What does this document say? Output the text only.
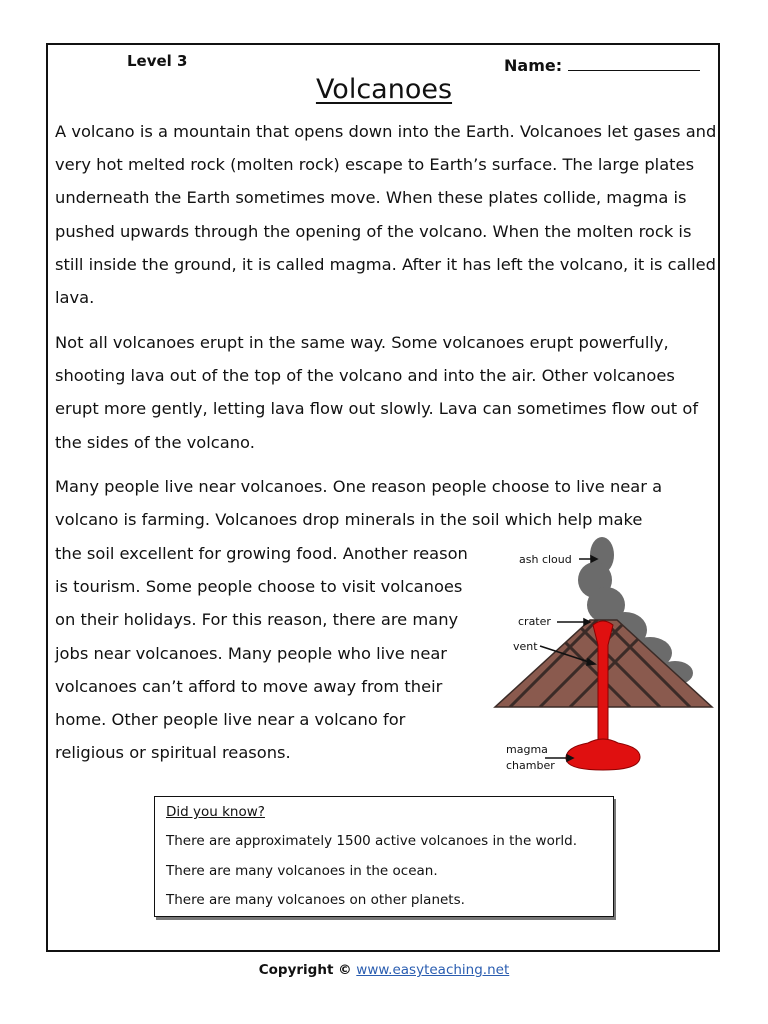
Level 3	Name:
Volcanoes

A volcano is a mountain that opens down into the Earth. Volcanoes let gases and very hot melted rock (molten rock) escape to Earth’s surface. The large plates underneath the Earth sometimes move. When these plates collide, magma is pushed upwards through the opening of the volcano. When the molten rock is still inside the ground, it is called magma. After it has left the volcano, it is called lava.

Not all volcanoes erupt in the same way. Some volcanoes erupt powerfully, shooting lava out of the top of the volcano and into the air. Other volcanoes erupt more gently, letting lava flow out slowly. Lava can sometimes flow out of the sides of the volcano.

Many people live near volcanoes. One reason people choose to live near a volcano is farming. Volcanoes drop minerals in the soil which help make

the soil excellent for growing food. Another reason is tourism. Some people choose to visit volcanoes on their holidays. For this reason, there are many jobs near volcanoes. Many people who live near volcanoes can’t afford to move away from their home. Other people live near a volcano for religious or spiritual reasons.

ash cloud
crater
vent
magma
chamber
Did you know?
There are approximately 1500 active volcanoes in the world.
There are many volcanoes in the ocean.
There are many volcanoes on other planets.
Copyright © www.easyteaching.net
